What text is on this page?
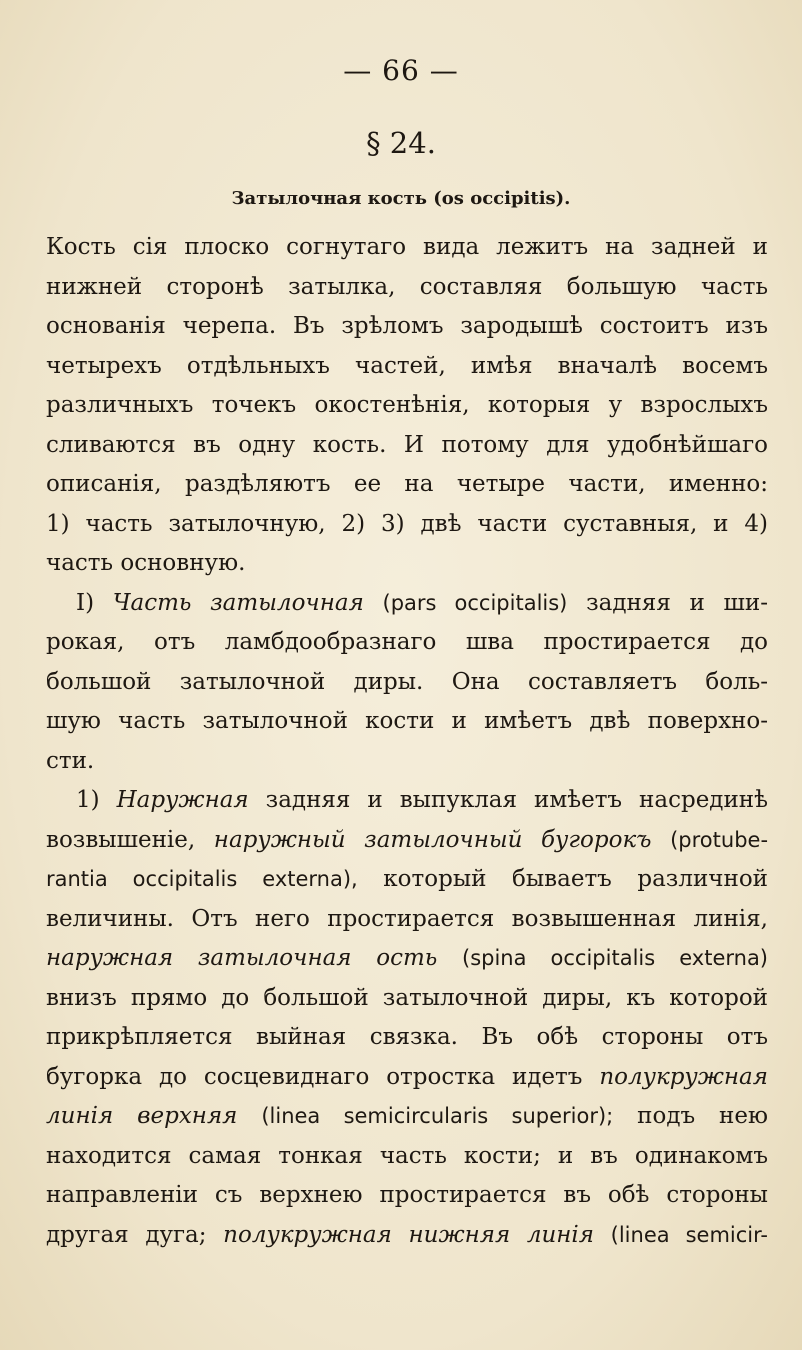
— 66 —
§ 24.
Затылочная кость (os occipitis).
Кость сія плоско согнутаго вида лежитъ на задней и
нижней сторонѣ затылка, составляя большую часть
основанія черепа. Въ зрѣломъ зародышѣ состоитъ изъ
четырехъ отдѣльныхъ частей, имѣя вначалѣ восемъ
различныхъ точекъ окостенѣнія, которыя у взрослыхъ
сливаются въ одну кость. И потому для удобнѣйшаго
описанія, раздѣляютъ ее на четыре части, именно:
1) часть затылочную, 2) 3) двѣ части суставныя, и 4)
часть основную.
I) Часть затылочная (pars occipitalis) задняя и ши-
рокая, отъ ламбдообразнаго шва простирается до
большой затылочной диры. Она составляетъ боль-
шую часть затылочной кости и имѣетъ двѣ поверхно-
сти.
1) Наружная задняя и выпуклая имѣетъ насрединѣ
возвышеніе, наружный затылочный бугорокъ (protube-
rantia occipitalis externa), который бываетъ различной
величины. Отъ него простирается возвышенная линія,
наружная затылочная ость (spina occipitalis externa)
внизъ прямо до большой затылочной диры, къ которой
прикрѣпляется выйная связка. Въ обѣ стороны отъ
бугорка до сосцевиднаго отростка идетъ полукружная
линія верхняя (linea semicircularis superior); подъ нею
находится самая тонкая часть кости; и въ одинакомъ
направленіи съ верхнею простирается въ обѣ стороны
другая дуга; полукружная нижняя линія (linea semicir-
